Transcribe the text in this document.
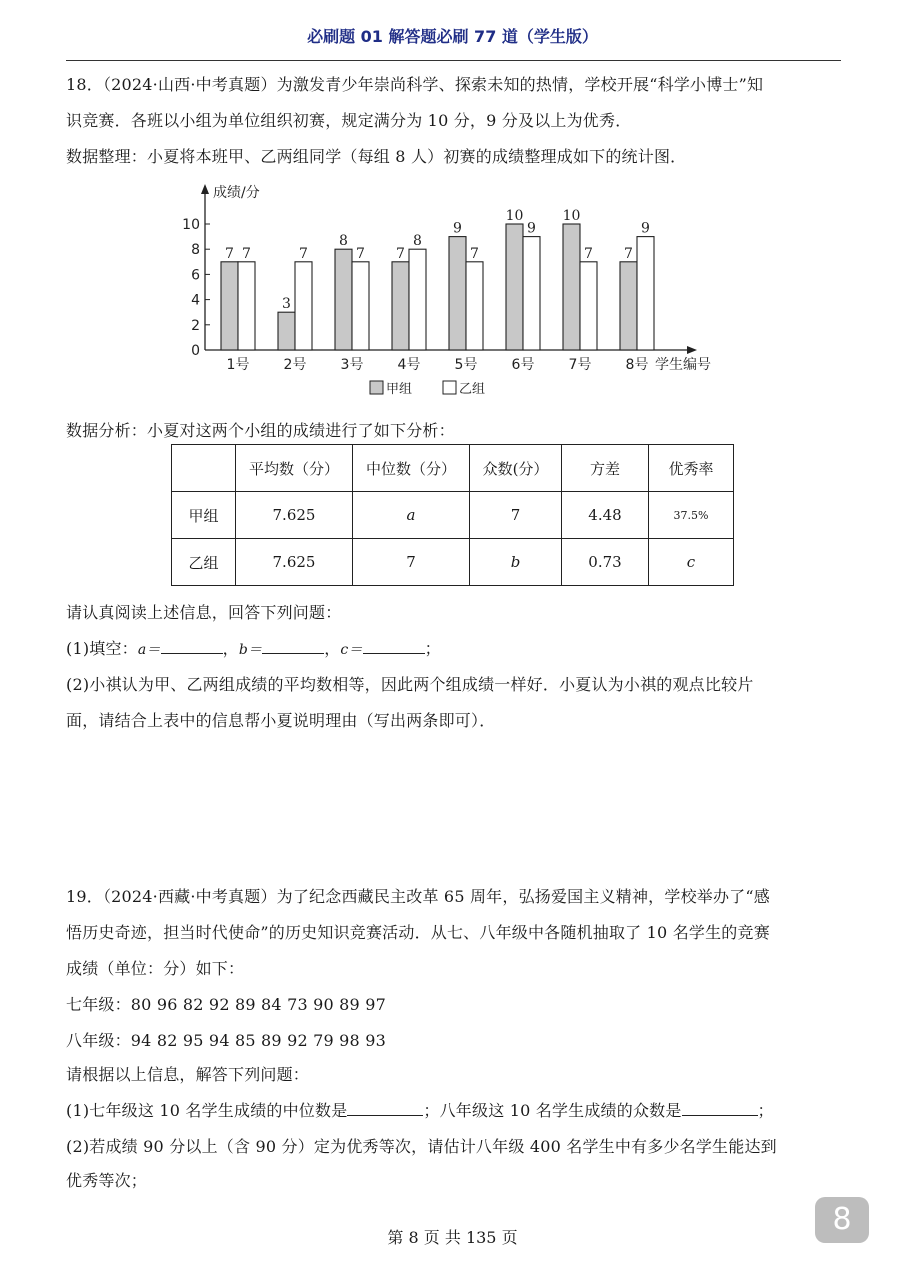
必刷题 01 解答题必刷 77 道（学生版）
18．（2024·山西·中考真题）为激发青少年崇尚科学、探索未知的热情，学校开展“科学小博士”知
识竞赛．各班以小组为单位组织初赛，规定满分为 10 分，9 分及以上为优秀．
数据整理：小夏将本班甲、乙两组同学（每组 8 人）初赛的成绩整理成如下的统计图．
成绩/分
学生编号
0
2
4
6
8
10
7 7
1号
3
7
2号
8
7
3号
7
8
4号
9
7
5号
10
9
6号
10
7
7号
7
9
8号
甲组	乙组
数据分析：小夏对这两个小组的成绩进行了如下分析：
	平均数（分）	中位数（分）	众数(分）	方差	优秀率
甲组	7.625	a	7	4.48	37.5%
乙组	7.625	7	b	0.73	c
请认真阅读上述信息，回答下列问题：
(1)填空：a＝	，b＝	，c＝	；
(2)小祺认为甲、乙两组成绩的平均数相等，因此两个组成绩一样好．小夏认为小祺的观点比较片
面，请结合上表中的信息帮小夏说明理由（写出两条即可）．
19．（2024·西藏·中考真题）为了纪念西藏民主改革 65 周年，弘扬爱国主义精神，学校举办了“感
悟历史奇迹，担当时代使命”的历史知识竞赛活动．从七、八年级中各随机抽取了 10 名学生的竞赛
成绩（单位：分）如下：
七年级：80 96 82 92 89 84 73 90 89 97
八年级：94 82 95 94 85 89 92 79 98 93
请根据以上信息，解答下列问题：
(1)七年级这 10 名学生成绩的中位数是	；八年级这 10 名学生成绩的众数是	；
(2)若成绩 90 分以上（含 90 分）定为优秀等次，请估计八年级 400 名学生中有多少名学生能达到
优秀等次；
第 8 页 共 135 页
8
